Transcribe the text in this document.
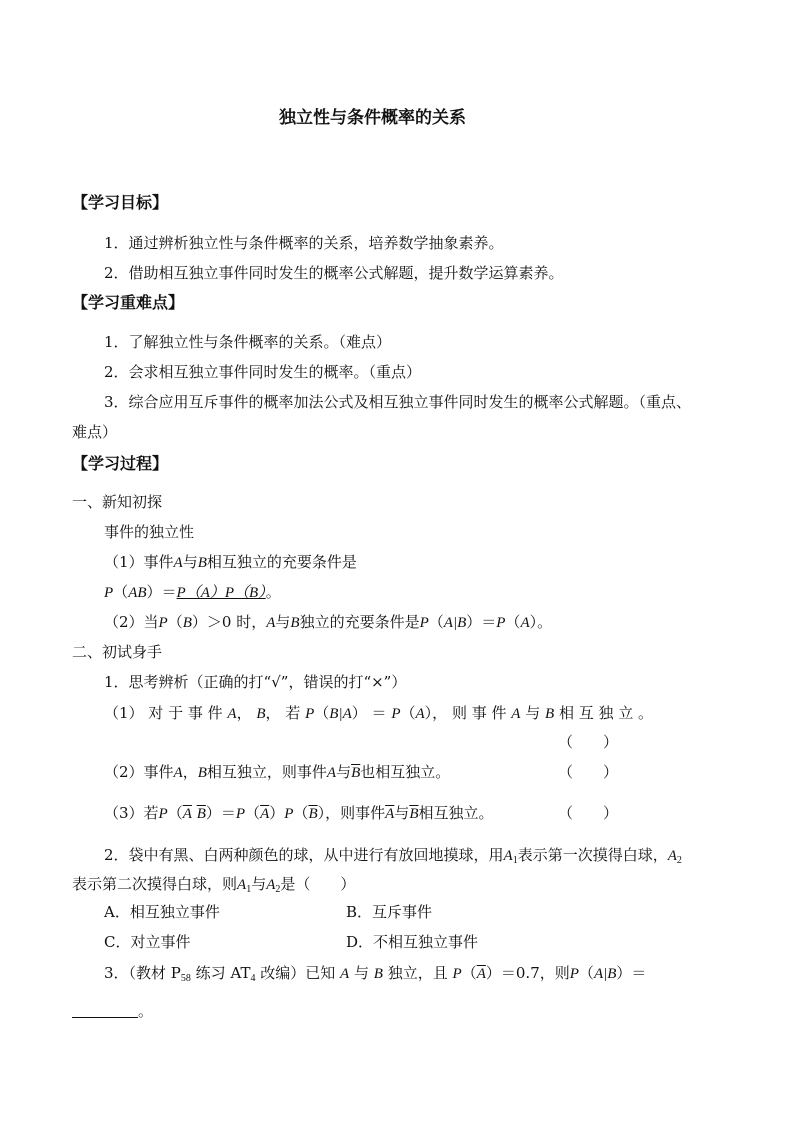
独立性与条件概率的关系
【学习目标】
1．通过辨析独立性与条件概率的关系，培养数学抽象素养。
2．借助相互独立事件同时发生的概率公式解题，提升数学运算素养。
【学习重难点】
1．了解独立性与条件概率的关系。（难点）
2．会求相互独立事件同时发生的概率。（重点）
3．综合应用互斥事件的概率加法公式及相互独立事件同时发生的概率公式解题。（重点、
难点）
【学习过程】
一、新知初探
事件的独立性
（1）事件A与B相互独立的充要条件是
P（AB）＝P（A）P（B）。
（2）当P（B）＞0 时，A与B独立的充要条件是P（A|B）＝P（A）。
二、初试身手
1．思考辨析（正确的打“√”，错误的打“×”）
（1） 对 于 事 件 A， B， 若 P（B|A） ＝ P（A）， 则 事 件 A 与 B 相 互 独 立 。
（　　）
（2）事件A，B相互独立，则事件A与$\overline{B}$也相互独立。	（　　）
（3）若$P(\overline{A}$ $\overline{B})=P(\overline{A})P(\overline{B})$，则事件$\overline{A}$与$\overline{B}$相互独立。	（　　）
2．袋中有黑、白两种颜色的球，从中进行有放回地摸球，用$A_1$表示第一次摸得白球，$A_2$
表示第二次摸得白球，则$A_1$与$A_2$是（　　）
A．相互独立事件	B．互斥事件
C．对立事件	D．不相互独立事件
3．（教材 $P_{58}$ 练习 $AT_4$ 改编）已知 A 与 B 独立，且 $P(\overline{A})=0.7$，则P（A|B）＝
。
